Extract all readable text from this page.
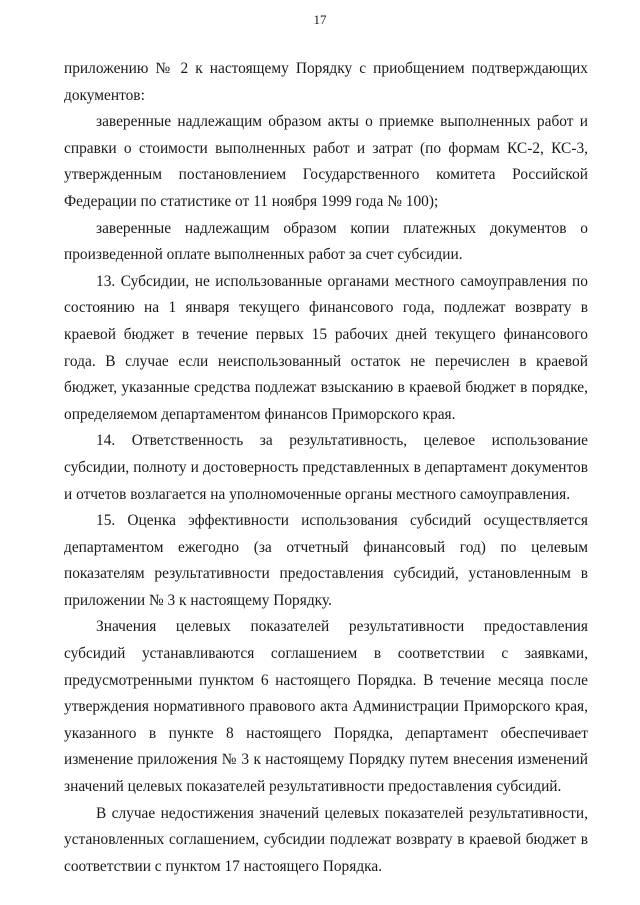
17

приложению № 2 к настоящему Порядку с приобщением подтверждающих документов:

заверенные надлежащим образом акты о приемке выполненных работ и справки о стоимости выполненных работ и затрат (по формам КС-2, КС-3, утвержденным постановлением Государственного комитета Российской Федерации по статистике от 11 ноября 1999 года № 100);

заверенные надлежащим образом копии платежных документов о произведенной оплате выполненных работ за счет субсидии.

13. Субсидии, не использованные органами местного самоуправления по состоянию на 1 января текущего финансового года, подлежат возврату в краевой бюджет в течение первых 15 рабочих дней текущего финансового года. В случае если неиспользованный остаток не перечислен в краевой бюджет, указанные средства подлежат взысканию в краевой бюджет в порядке, определяемом департаментом финансов Приморского края.

14. Ответственность за результативность, целевое использование субсидии, полноту и достоверность представленных в департамент документов и отчетов возлагается на уполномоченные органы местного самоуправления.

15. Оценка эффективности использования субсидий осуществляется департаментом ежегодно (за отчетный финансовый год) по целевым показателям результативности предоставления субсидий, установленным в приложении № 3 к настоящему Порядку.

Значения целевых показателей результативности предоставления субсидий устанавливаются соглашением в соответствии с заявками, предусмотренными пунктом 6 настоящего Порядка. В течение месяца после утверждения нормативного правового акта Администрации Приморского края, указанного в пункте 8 настоящего Порядка, департамент обеспечивает изменение приложения № 3 к настоящему Порядку путем внесения изменений значений целевых показателей результативности предоставления субсидий.

В случае недостижения значений целевых показателей результативности, установленных соглашением, субсидии подлежат возврату в краевой бюджет в соответствии с пунктом 17 настоящего Порядка.
